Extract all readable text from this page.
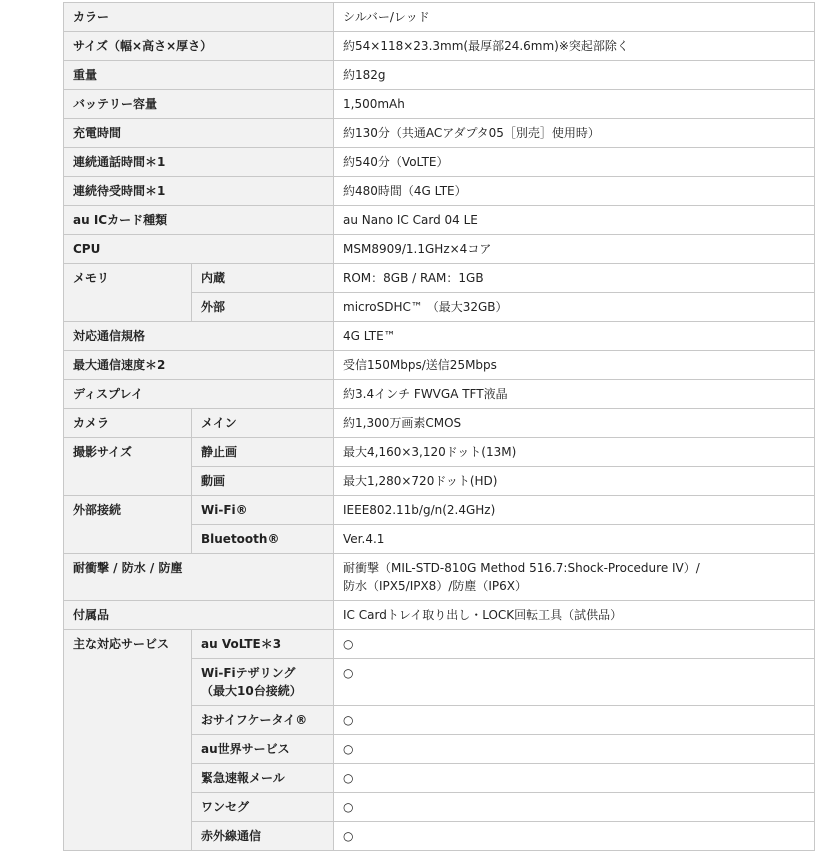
カラー		シルバー/レッド

サイズ（幅×高さ×厚さ）		約54×118×23.3mm(最厚部24.6mm)※突起部除く

重量		約182g

バッテリー容量		1,500mAh

充電時間		約130分（共通ACアダプタ05［別売］使用時）

連続通話時間＊1		約540分（VoLTE）

連続待受時間＊1		約480時間（4G LTE）

au ICカード種類		au Nano IC Card 04 LE

CPU		MSM8909/1.1GHz×4コア

メモリ	内蔵	ROM：8GB / RAM：1GB

	外部	microSDHC™ （最大32GB）

対応通信規格		4G LTE™

最大通信速度＊2		受信150Mbps/送信25Mbps

ディスプレイ		約3.4インチ FWVGA TFT液晶

カメラ	メイン	約1,300万画素CMOS

撮影サイズ	静止画	最大4,160×3,120ドット(13M)

	動画	最大1,280×720ドット(HD)

外部接続	Wi-Fi®	IEEE802.11b/g/n(2.4GHz)

	Bluetooth®	Ver.4.1

耐衝撃 / 防水 / 防塵		耐衝撃（MIL-STD-810G Method 516.7:Shock-Procedure IV）/
防水（IPX5/IPX8）/防塵（IP6X）

付属品		IC Cardトレイ取り出し・LOCK回転工具（試供品）

主な対応サービス	au VoLTE＊3	○

	Wi-Fiテザリング
（最大10台接続）	○

	おサイフケータイ®	○

	au世界サービス	○

	緊急速報メール	○

	ワンセグ	○

	赤外線通信	○
